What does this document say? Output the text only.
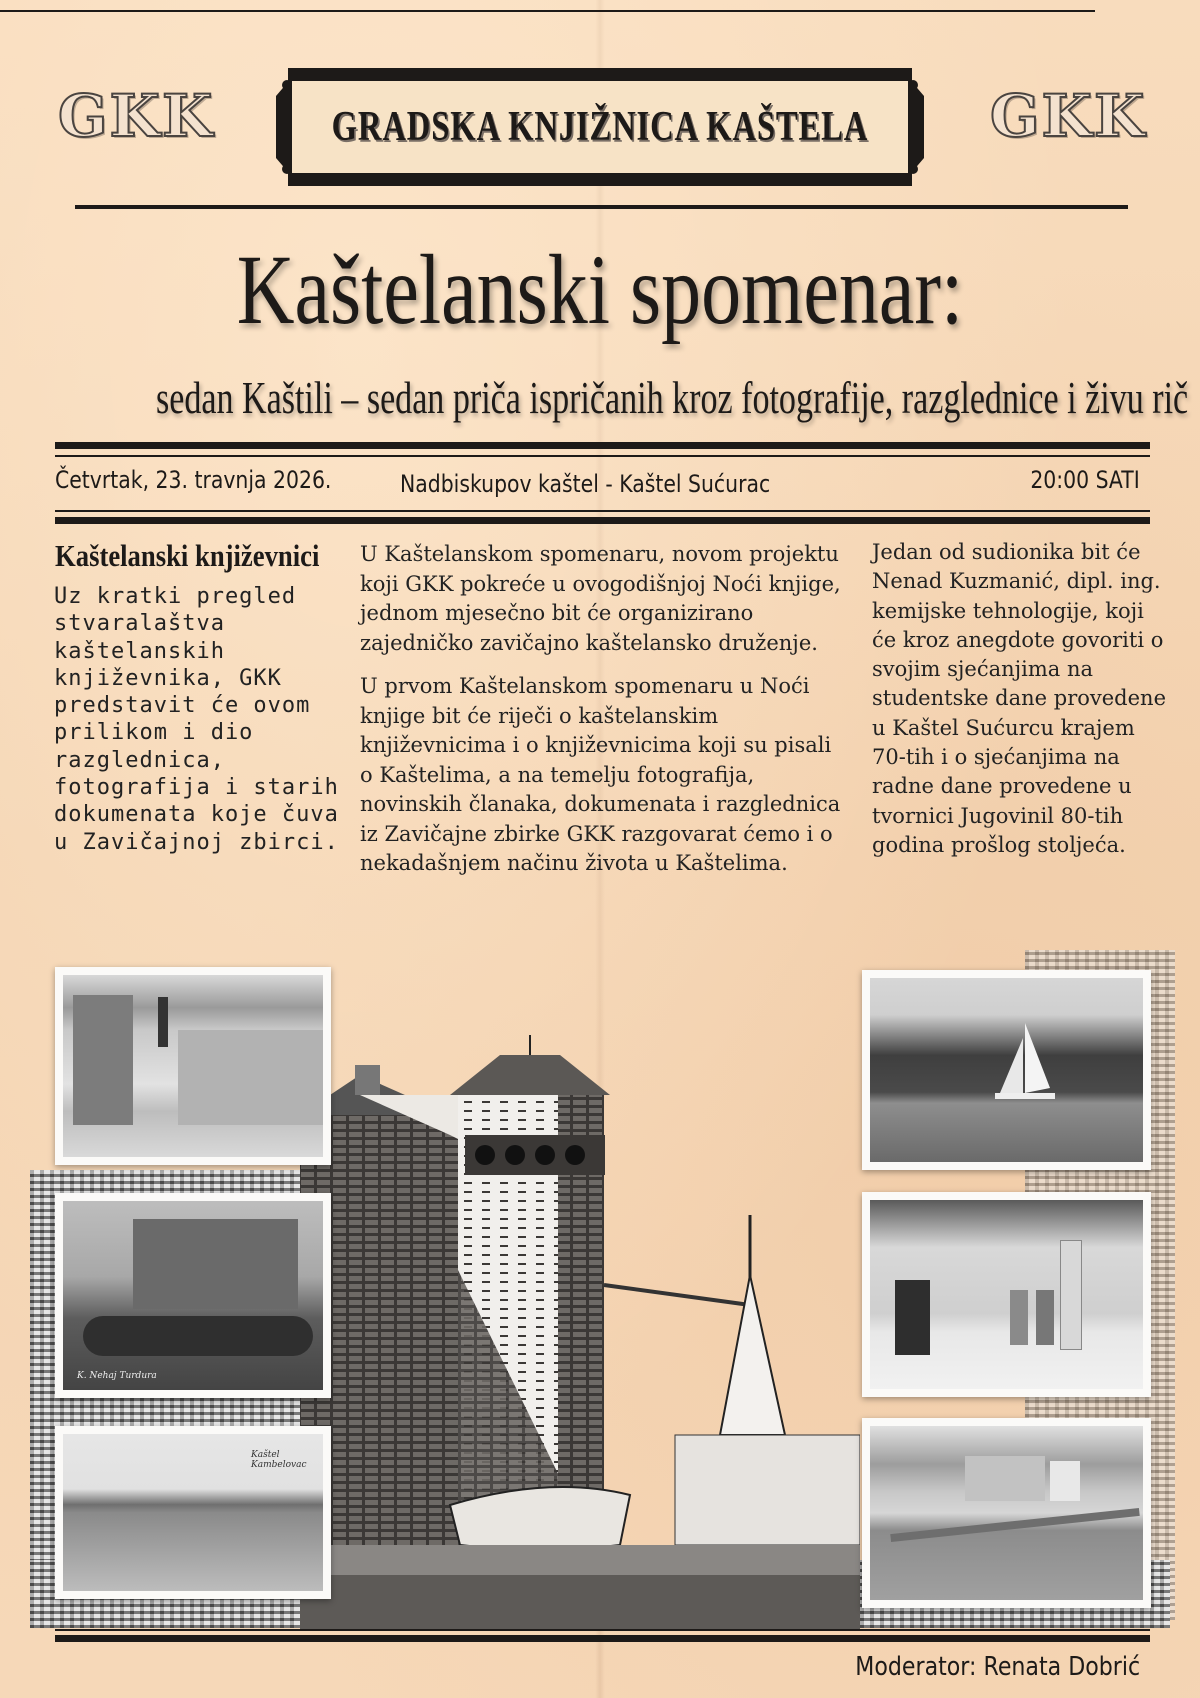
GKK	GKK
GRADSKA KNJIŽNICA KAŠTELA
Kaštelanski spomenar:
sedan Kaštili – sedan priča ispričanih kroz fotografije, razglednice i živu rič
Četvrtak, 23. travnja 2026.	Nadbiskupov kaštel - Kaštel Sućurac	20:00 SATI
Kaštelanski književnici

Uz kratki pregled stvaralaštva kaštelanskih književnika, GKK predstavit će ovom prilikom i dio razglednica, fotografija i starih dokumenata koje čuva u Zavičajnoj zbirci.

U Kaštelanskom spomenaru, novom projektu koji GKK pokreće u ovogodišnjoj Noći knjige, jednom mjesečno bit će organizirano zajedničko zavičajno kaštelansko druženje.

U prvom Kaštelanskom spomenaru u Noći knjige bit će riječi o kaštelanskim književnicima i o književnicima koji su pisali o Kaštelima, a na temelju fotografija, novinskih članaka, dokumenata i razglednica iz Zavičajne zbirke GKK razgovarat ćemo i o nekadašnjem načinu života u Kaštelima.

Jedan od sudionika bit će Nenad Kuzmanić, dipl. ing. kemijske tehnologije, koji će kroz anegdote govoriti o svojim sjećanjima na studentske dane provedene u Kaštel Sućurcu krajem 70-tih i o sjećanjima na radne dane provedene u tvornici Jugovinil 80-tih godina prošlog stoljeća.

K. Nehaj Turdura
Kaštel Kambelovac
Moderator: Renata Dobrić
